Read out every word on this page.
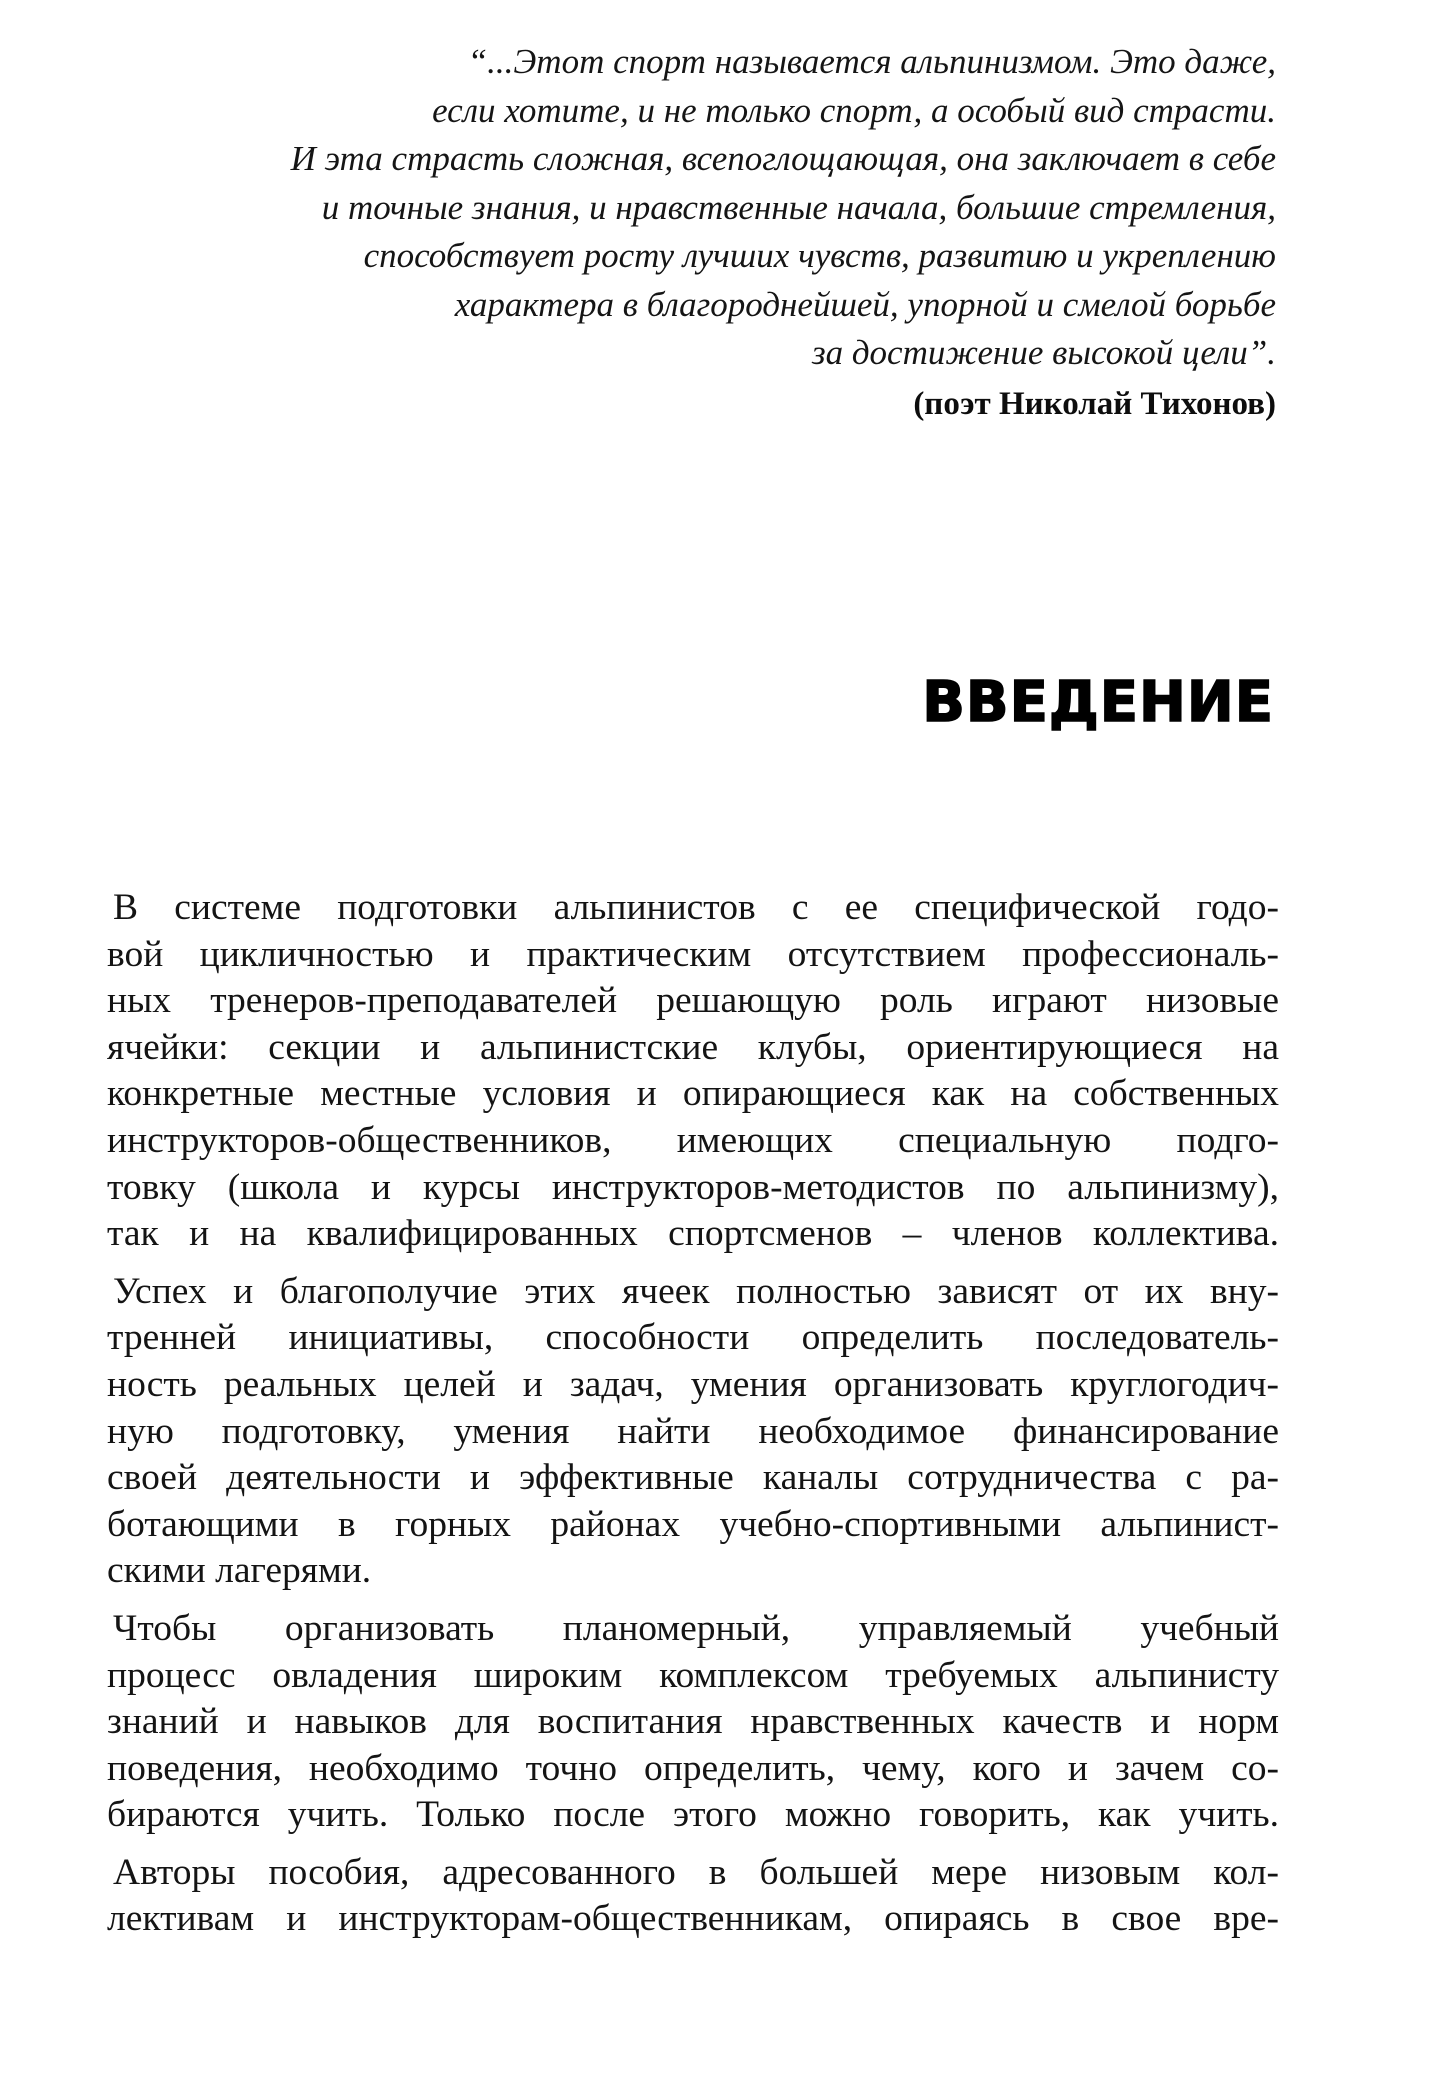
“...Этот спорт называется альпинизмом. Это даже,
если хотите, и не только спорт, а особый вид страсти.
И эта страсть сложная, всепоглощающая, она заключает в себе
и точные знания, и нравственные начала, большие стремления,
способствует росту лучших чувств, развитию и укреплению
характера в благороднейшей, упорной и смелой борьбе
за достижение высокой цели”.
(поэт Николай Тихонов)
ВВЕДЕНИЕ
В системе подготовки альпинистов с ее специфической годо-
вой цикличностью и практическим отсутствием профессиональ-
ных тренеров-преподавателей решающую роль играют низовые
ячейки: секции и альпинистские клубы, ориентирующиеся на
конкретные местные условия и опирающиеся как на собственных
инструкторов-общественников, имеющих специальную подго-
товку (школа и курсы инструкторов-методистов по альпинизму),
так и на квалифицированных спортсменов – членов коллектива.
Успех и благополучие этих ячеек полностью зависят от их вну-
тренней инициативы, способности определить последователь-
ность реальных целей и задач, умения организовать круглогодич-
ную подготовку, умения найти необходимое финансирование
своей деятельности и эффективные каналы сотрудничества с ра-
ботающими в горных районах учебно-спортивными альпинист-
скими лагерями.
Чтобы организовать планомерный, управляемый учебный
процесс овладения широким комплексом требуемых альпинисту
знаний и навыков для воспитания нравственных качеств и норм
поведения, необходимо точно определить, чему, кого и зачем со-
бираются учить. Только после этого можно говорить, как учить.
Авторы пособия, адресованного в большей мере низовым кол-
лективам и инструкторам-общественникам, опираясь в свое вре-
